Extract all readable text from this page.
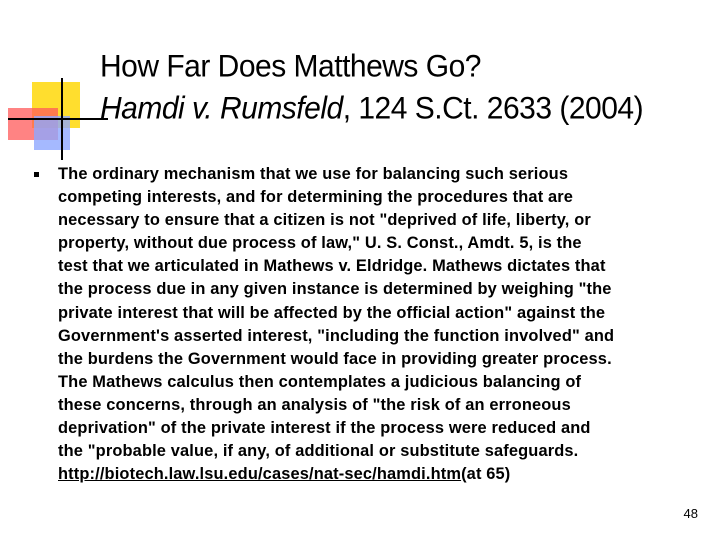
How Far Does Matthews Go?
Hamdi v. Rumsfeld, 124 S.Ct. 2633 (2004)
The ordinary mechanism that we use for balancing such serious
competing interests, and for determining the procedures that are
necessary to ensure that a citizen is not "deprived of life, liberty, or
property, without due process of law," U. S. Const., Amdt. 5, is the
test that we articulated in Mathews v. Eldridge. Mathews dictates that
the process due in any given instance is determined by weighing "the
private interest that will be affected by the official action" against the
Government's asserted interest, "including the function involved" and
the burdens the Government would face in providing greater process.
The Mathews calculus then contemplates a judicious balancing of
these concerns, through an analysis of "the risk of an erroneous
deprivation" of the private interest if the process were reduced and
the "probable value, if any, of additional or substitute safeguards.
http://biotech.law.lsu.edu/cases/nat-sec/hamdi.htm(at 65)
48
